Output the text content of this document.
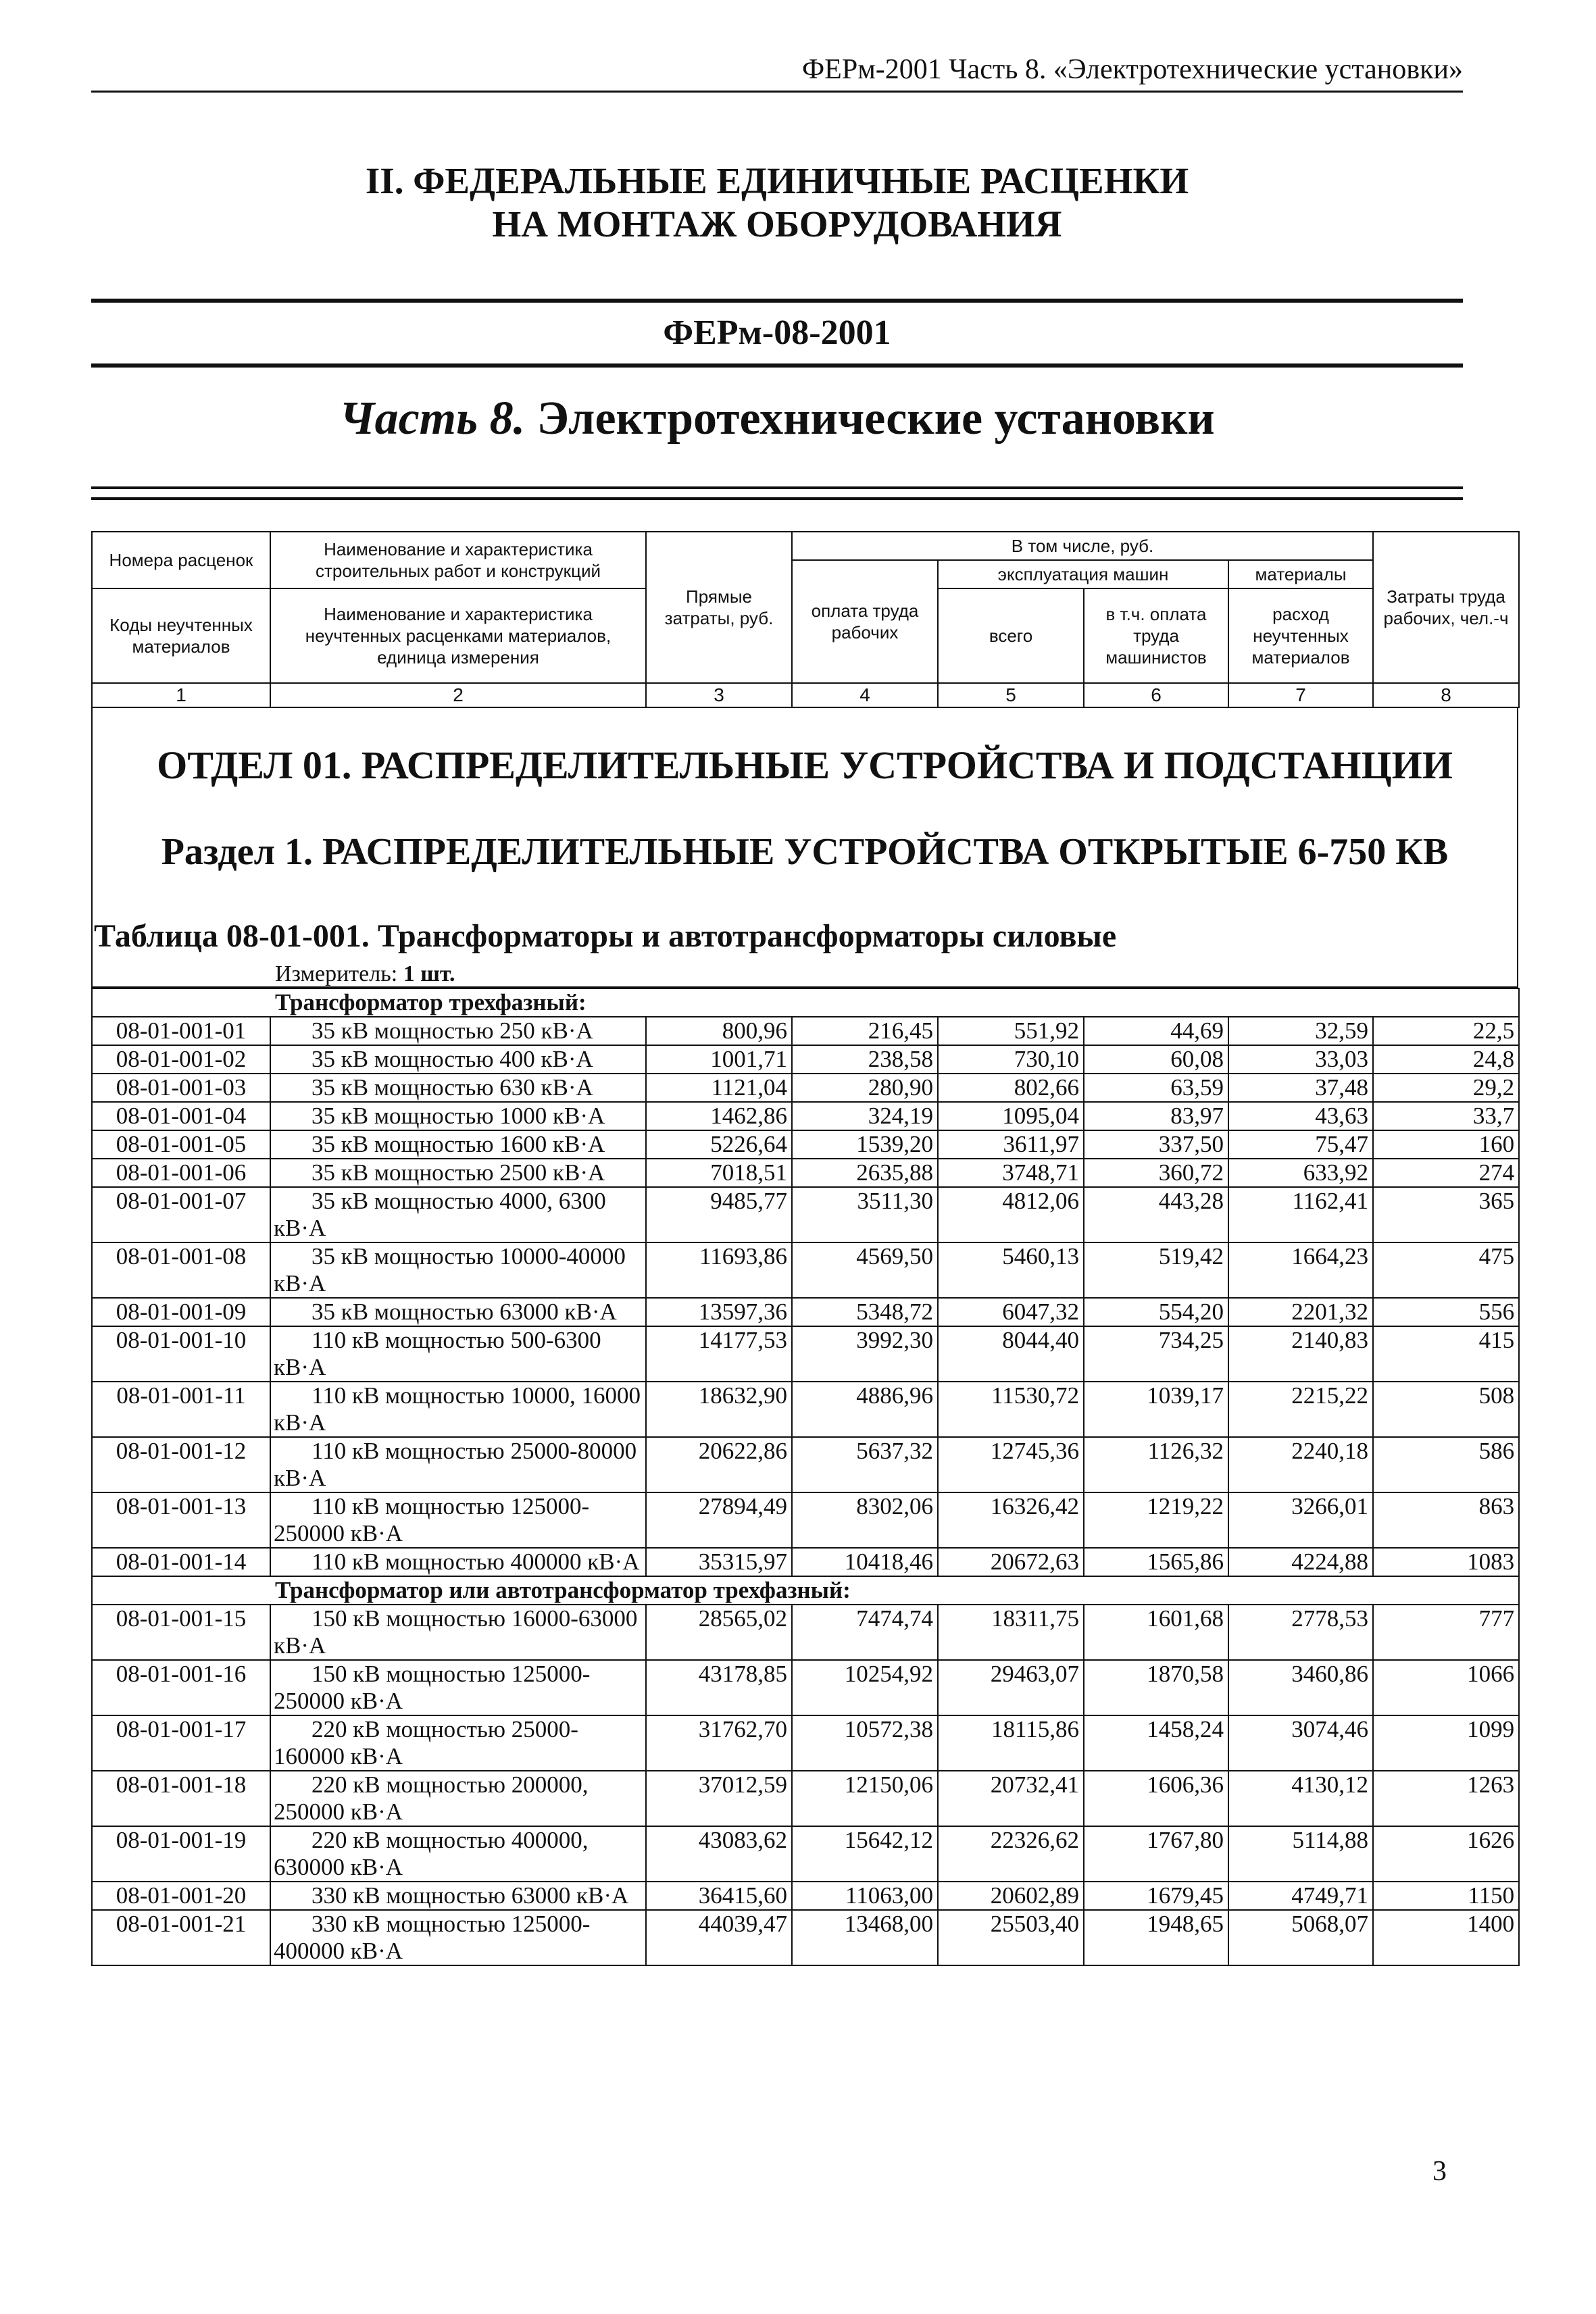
ФЕРм-2001 Часть 8. «Электротехнические установки»
II. ФЕДЕРАЛЬНЫЕ ЕДИНИЧНЫЕ РАСЦЕНКИ
НА МОНТАЖ ОБОРУДОВАНИЯ
ФЕРм-08-2001
Часть 8. Электротехнические установки
Номера расценок	Наименование и характеристика строительных работ и конструкций	Прямые затраты, руб.	В том числе, руб.				Затраты труда рабочих, чел.-ч
			оплата труда рабочих	эксплуатация машин		материалы	
Коды неучтенных материалов	Наименование и характеристика неучтенных расценками материалов, единица измерения			всего	в т.ч. оплата труда машинистов	расход неучтенных материалов	

1	2	3	4	5	6	7	8
ОТДЕЛ 01. РАСПРЕДЕЛИТЕЛЬНЫЕ УСТРОЙСТВА И ПОДСТАНЦИИ
Раздел 1. РАСПРЕДЕЛИТЕЛЬНЫЕ УСТРОЙСТВА ОТКРЫТЫЕ 6-750 КВ
Таблица 08-01-001. Трансформаторы и автотрансформаторы силовые
Измеритель: 1 шт.
Трансформатор трехфазный:							
08-01-001-01	35 кВ мощностью 250 кВ·А	800,96	216,45	551,92	44,69	32,59	22,5
08-01-001-02	35 кВ мощностью 400 кВ·А	1001,71	238,58	730,10	60,08	33,03	24,8
08-01-001-03	35 кВ мощностью 630 кВ·А	1121,04	280,90	802,66	63,59	37,48	29,2
08-01-001-04	35 кВ мощностью 1000 кВ·А	1462,86	324,19	1095,04	83,97	43,63	33,7
08-01-001-05	35 кВ мощностью 1600 кВ·А	5226,64	1539,20	3611,97	337,50	75,47	160
08-01-001-06	35 кВ мощностью 2500 кВ·А	7018,51	2635,88	3748,71	360,72	633,92	274
08-01-001-07	35 кВ мощностью 4000, 6300 кВ·А	9485,77	3511,30	4812,06	443,28	1162,41	365
08-01-001-08	35 кВ мощностью 10000-40000 кВ·А	11693,86	4569,50	5460,13	519,42	1664,23	475
08-01-001-09	35 кВ мощностью 63000 кВ·А	13597,36	5348,72	6047,32	554,20	2201,32	556
08-01-001-10	110 кВ мощностью 500-6300 кВ·А	14177,53	3992,30	8044,40	734,25	2140,83	415
08-01-001-11	110 кВ мощностью 10000, 16000 кВ·А	18632,90	4886,96	11530,72	1039,17	2215,22	508
08-01-001-12	110 кВ мощностью 25000-80000 кВ·А	20622,86	5637,32	12745,36	1126,32	2240,18	586
08-01-001-13	110 кВ мощностью 125000-250000 кВ·А	27894,49	8302,06	16326,42	1219,22	3266,01	863
08-01-001-14	110 кВ мощностью 400000 кВ·А	35315,97	10418,46	20672,63	1565,86	4224,88	1083
Трансформатор или автотрансформатор трехфазный:							
08-01-001-15	150 кВ мощностью 16000-63000 кВ·А	28565,02	7474,74	18311,75	1601,68	2778,53	777
08-01-001-16	150 кВ мощностью 125000-250000 кВ·А	43178,85	10254,92	29463,07	1870,58	3460,86	1066
08-01-001-17	220 кВ мощностью 25000-160000 кВ·А	31762,70	10572,38	18115,86	1458,24	3074,46	1099
08-01-001-18	220 кВ мощностью 200000, 250000 кВ·А	37012,59	12150,06	20732,41	1606,36	4130,12	1263
08-01-001-19	220 кВ мощностью 400000, 630000 кВ·А	43083,62	15642,12	22326,62	1767,80	5114,88	1626
08-01-001-20	330 кВ мощностью 63000 кВ·А	36415,60	11063,00	20602,89	1679,45	4749,71	1150
08-01-001-21	330 кВ мощностью 125000-400000 кВ·А	44039,47	13468,00	25503,40	1948,65	5068,07	1400
3
